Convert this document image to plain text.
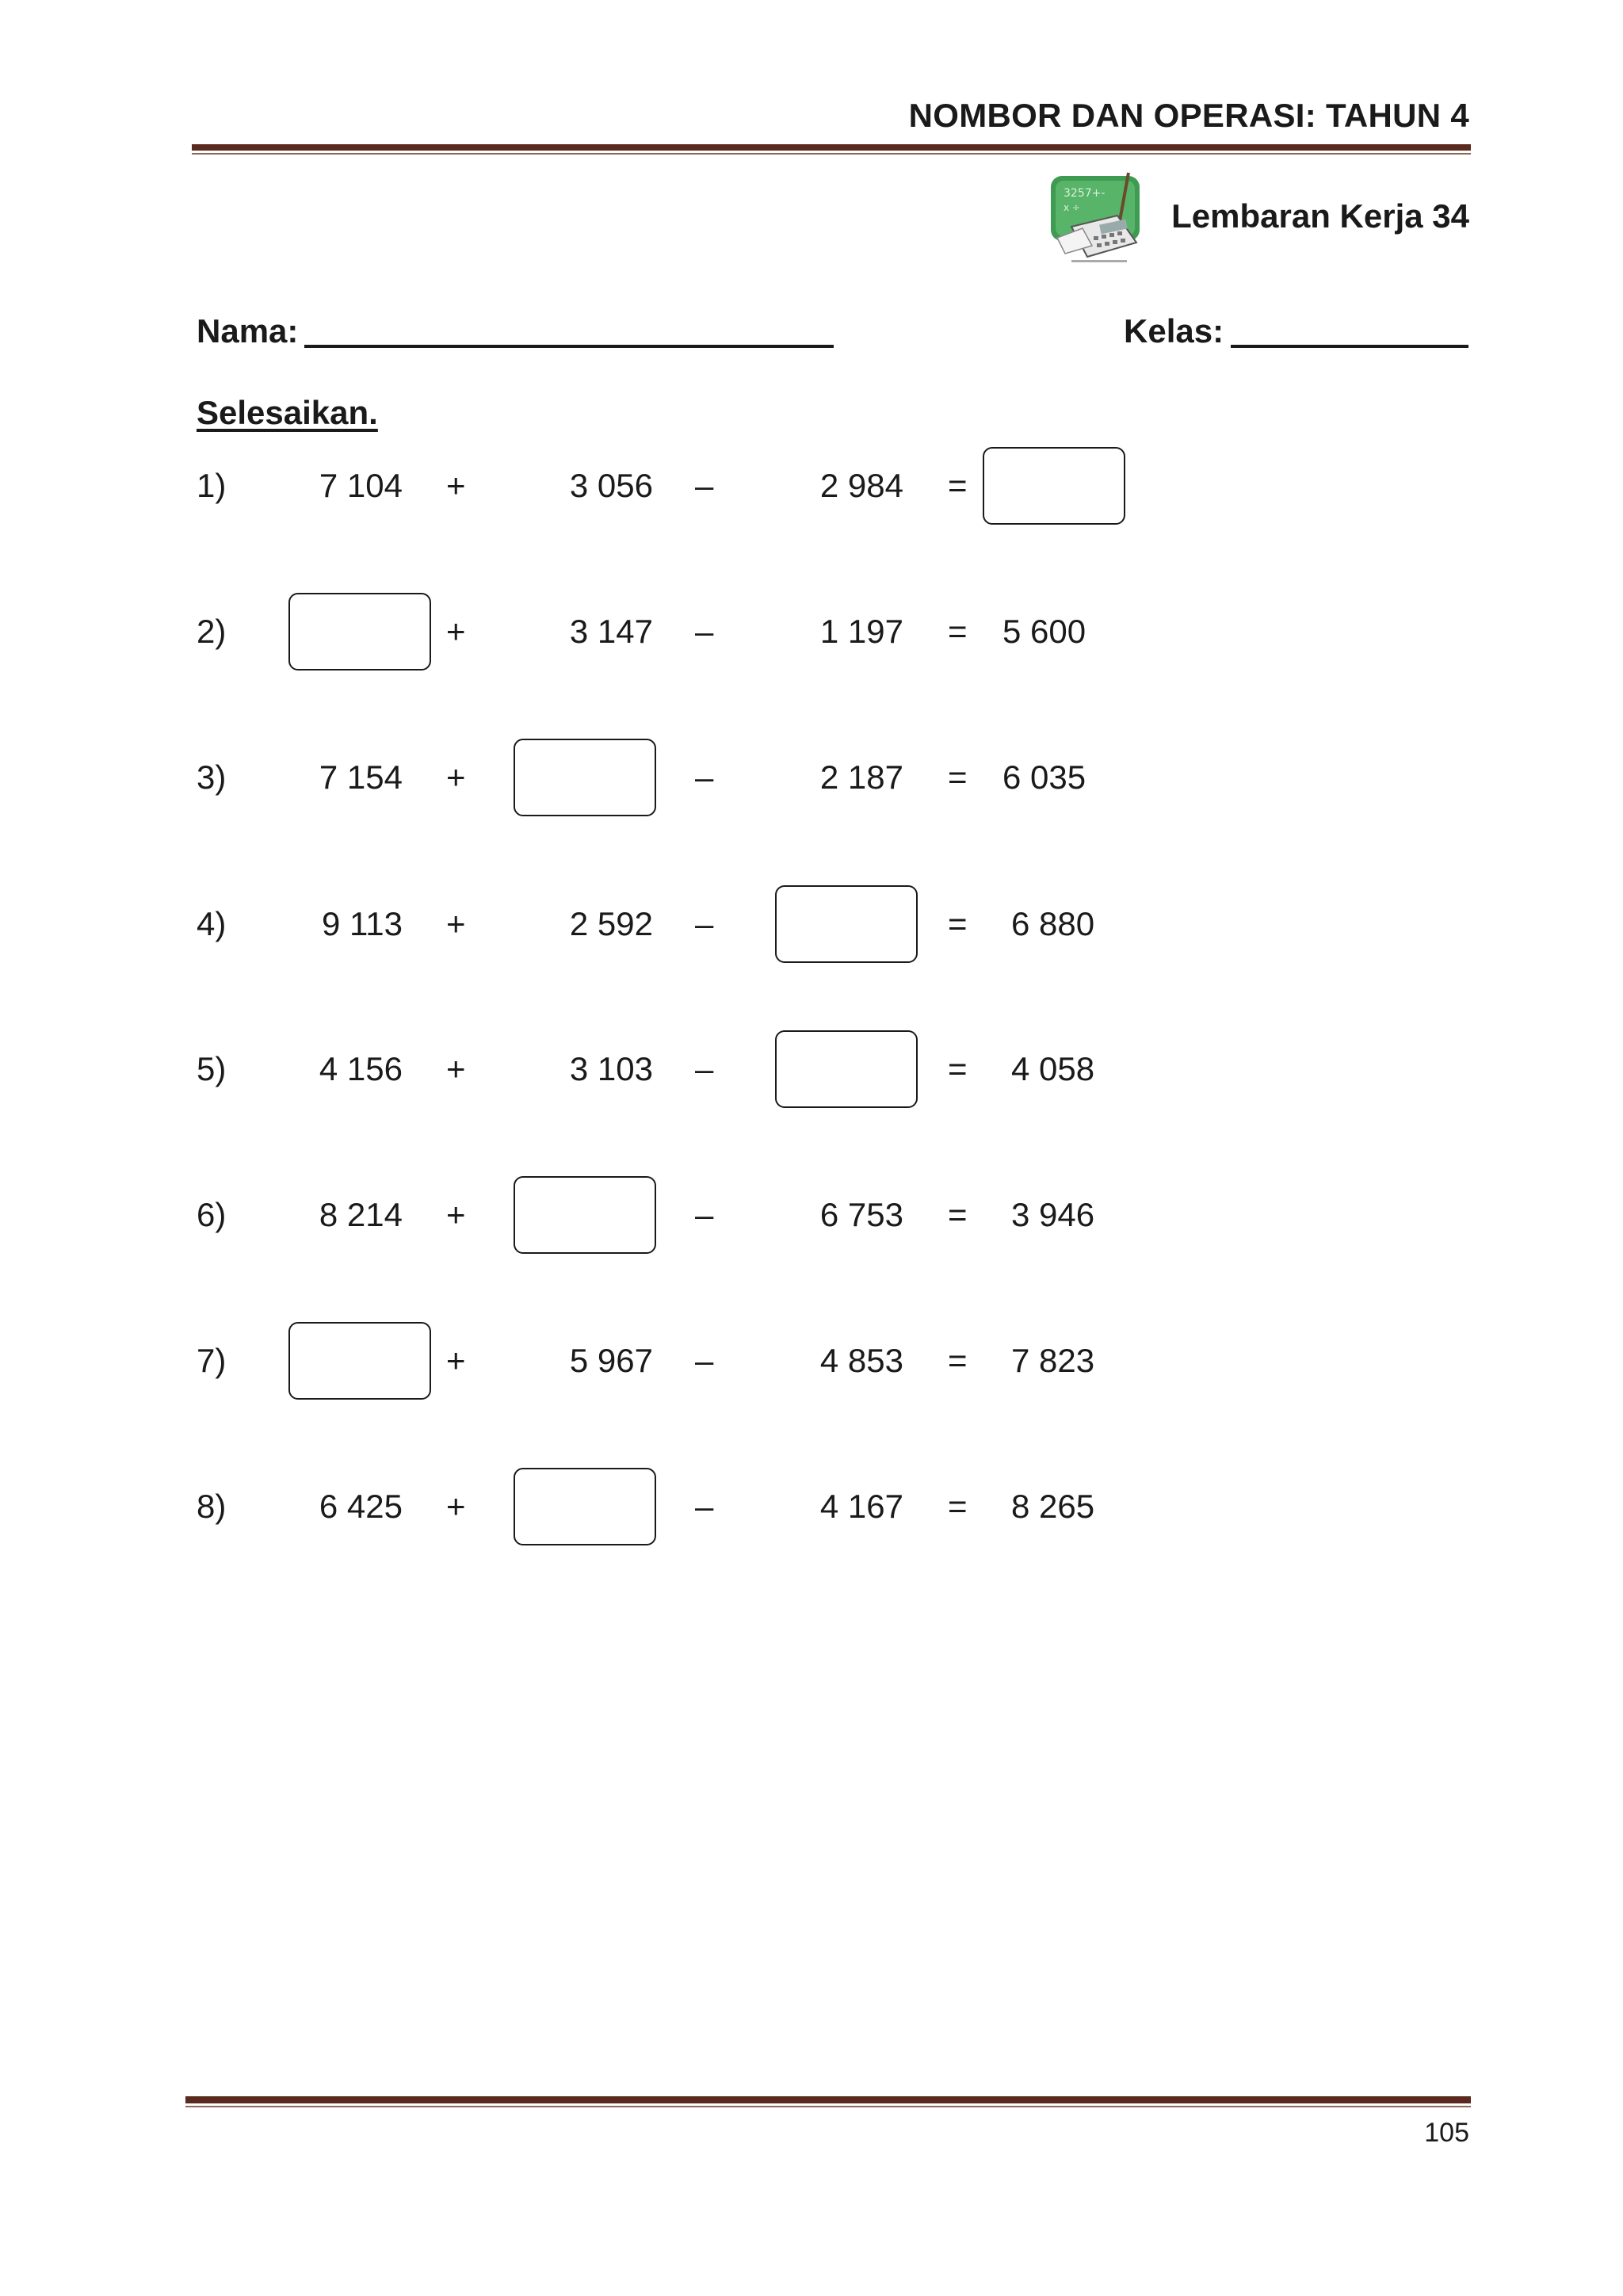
NOMBOR DAN OPERASI: TAHUN 4
3257+-
x ÷	Lembaran Kerja 34
Nama:	Kelas:
Selesaikan.
1)	7 104 +	3 056 –	2 984 =
2)	+	3 147 –	1 197 = 5 600
3)	7 154 +	–	2 187 = 6 035
4)	9 113 +	2 592 –	= 6 880
5)	4 156 +	3 103 –	= 4 058
6)	8 214 +	–	6 753 = 3 946
7)	+	5 967 –	4 853 = 7 823
8)	6 425 +	–	4 167 = 8 265
105
